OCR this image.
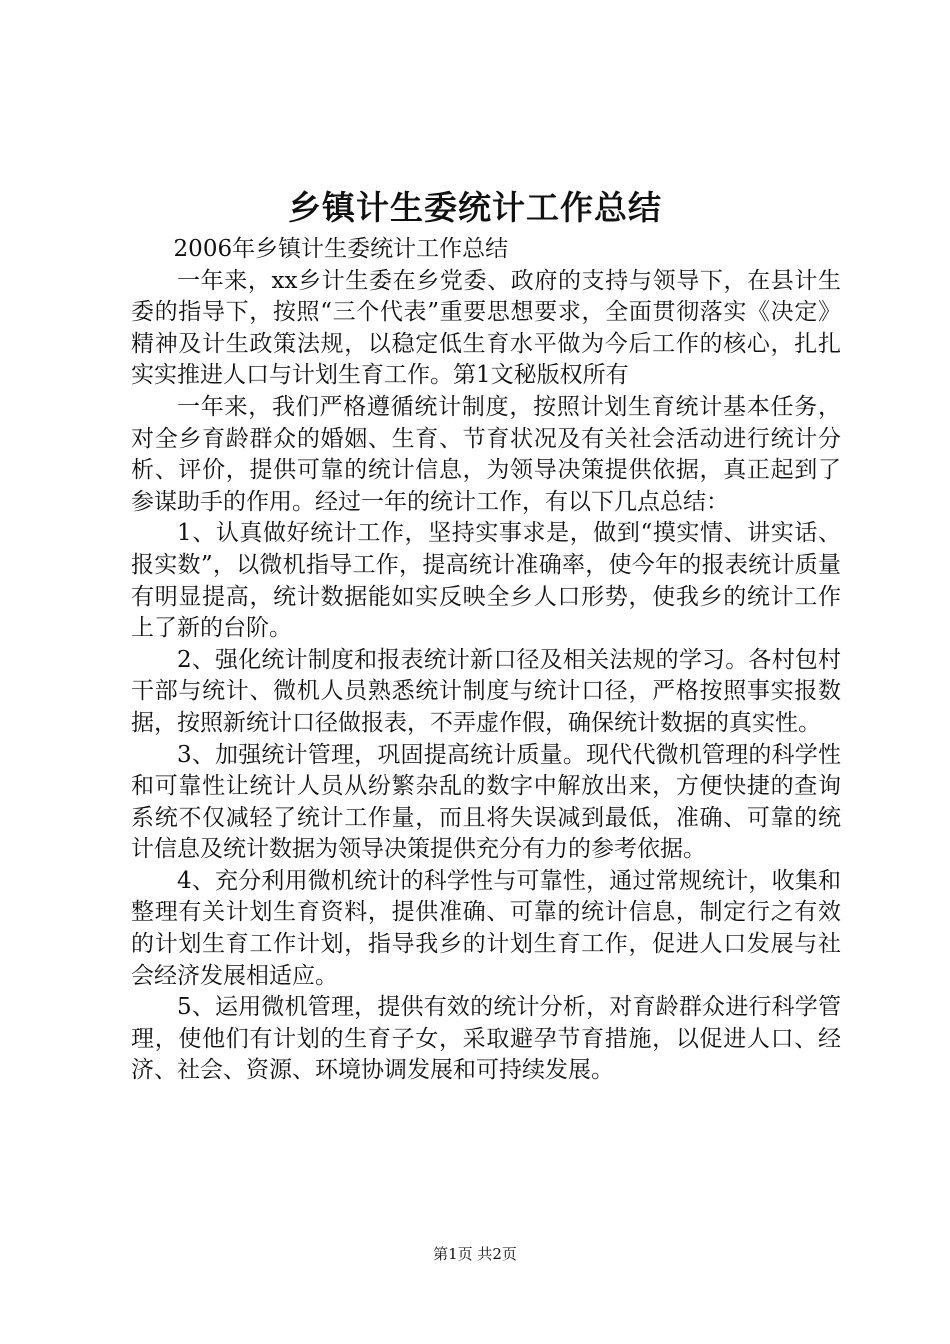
乡镇计生委统计工作总结

2006年乡镇计生委统计工作总结

一年来，xx乡计生委在乡党委、政府的支持与领导下，在县计生委的指导下，按照“三个代表”重要思想要求，全面贯彻落实《决定》精神及计生政策法规，以稳定低生育水平做为今后工作的核心，扎扎实实推进人口与计划生育工作。第1文秘版权所有

一年来，我们严格遵循统计制度，按照计划生育统计基本任务，对全乡育龄群众的婚姻、生育、节育状况及有关社会活动进行统计分析、评价，提供可靠的统计信息，为领导决策提供依据，真正起到了参谋助手的作用。经过一年的统计工作，有以下几点总结：

1、认真做好统计工作，坚持实事求是，做到“摸实情、讲实话、报实数”，以微机指导工作，提高统计准确率，使今年的报表统计质量有明显提高，统计数据能如实反映全乡人口形势，使我乡的统计工作上了新的台阶。

2、强化统计制度和报表统计新口径及相关法规的学习。各村包村干部与统计、微机人员熟悉统计制度与统计口径，严格按照事实报数据，按照新统计口径做报表，不弄虚作假，确保统计数据的真实性。

3、加强统计管理，巩固提高统计质量。现代代微机管理的科学性和可靠性让统计人员从纷繁杂乱的数字中解放出来，方便快捷的查询系统不仅减轻了统计工作量，而且将失误减到最低，准确、可靠的统计信息及统计数据为领导决策提供充分有力的参考依据。

4、充分利用微机统计的科学性与可靠性，通过常规统计，收集和整理有关计划生育资料，提供准确、可靠的统计信息，制定行之有效的计划生育工作计划，指导我乡的计划生育工作，促进人口发展与社会经济发展相适应。

5、运用微机管理，提供有效的统计分析，对育龄群众进行科学管理，使他们有计划的生育子女，采取避孕节育措施，以促进人口、经济、社会、资源、环境协调发展和可持续发展。

第1页 共2页
